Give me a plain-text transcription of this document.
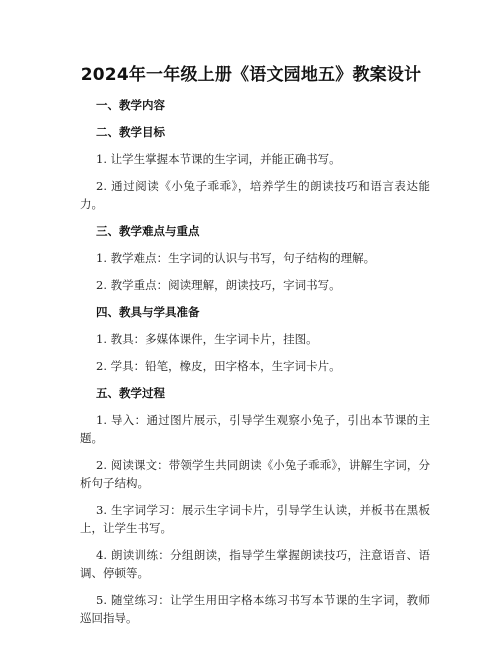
2024年一年级上册《语文园地五》教案设计
一、教学内容
二、教学目标
1. 让学生掌握本节课的生字词，并能正确书写。
2. 通过阅读《小兔子乖乖》，培养学生的朗读技巧和语言表达能力。
三、教学难点与重点
1. 教学难点：生字词的认识与书写，句子结构的理解。
2. 教学重点：阅读理解，朗读技巧，字词书写。
四、教具与学具准备
1. 教具：多媒体课件，生字词卡片，挂图。
2. 学具：铅笔，橡皮，田字格本，生字词卡片。
五、教学过程
1. 导入：通过图片展示，引导学生观察小兔子，引出本节课的主题。
2. 阅读课文：带领学生共同朗读《小兔子乖乖》，讲解生字词，分析句子结构。
3. 生字词学习：展示生字词卡片，引导学生认读，并板书在黑板上，让学生书写。
4. 朗读训练：分组朗读，指导学生掌握朗读技巧，注意语音、语调、停顿等。
5. 随堂练习：让学生用田字格本练习书写本节课的生字词，教师巡回指导。
